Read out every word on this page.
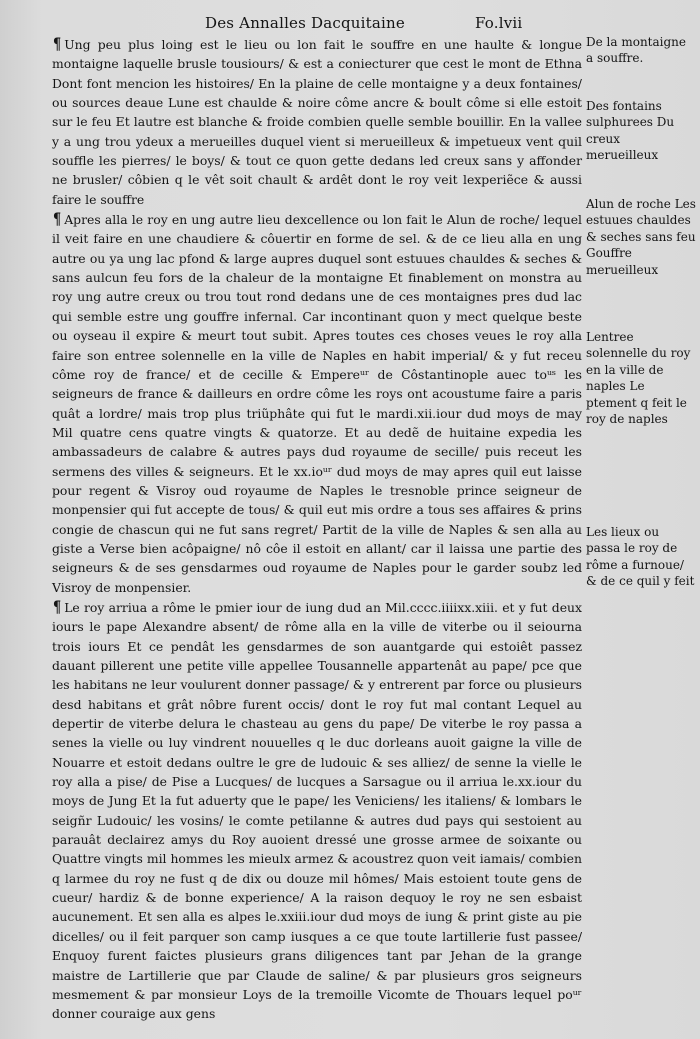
Des Annalles Dacquitaine	Fo.lvii

¶ Ung peu plus loing est le lieu ou lon fait le souffre en une haulte & longue montaigne laquelle brusle tousiours/ & est a coniecturer que cest le mont de Ethna Dont font mencion les histoires/ En la plaine de celle montaigne y a deux fontaines/ ou sources deaue Lune est chaulde & noire côme ancre & boult côme si elle estoit sur le feu Et lautre est blanche & froide combien quelle semble bouillir. En la vallee y a ung trou ydeux a merueilles duquel vient si merueilleux & impetueux vent quil souffle les pierres/ le boys/ & tout ce quon gette dedans led creux sans y affonder ne brusler/ côbien q le vêt soit chault & ardêt dont le roy veit lexperiẽce & aussi faire le souffre

¶ Apres alla le roy en ung autre lieu dexcellence ou lon fait le Alun de roche/ lequel il veit faire en une chaudiere & côuertir en forme de sel. & de ce lieu alla en ung autre ou ya ung lac pfond & large aupres duquel sont estuues chauldes & seches & sans aulcun feu fors de la chaleur de la montaigne Et finablement on monstra au roy ung autre creux ou trou tout rond dedans une de ces montaignes pres dud lac qui semble estre ung gouffre infernal. Car incontinant quon y mect quelque beste ou oyseau il expire & meurt tout subit. Apres toutes ces choses veues le roy alla faire son entree solennelle en la ville de Naples en habit imperial/ & y fut receu côme roy de france/ et de cecille & Empereᵘʳ de Côstantinople auec toᵘˢ les seigneurs de france & dailleurs en ordre côme les roys ont acoustume faire a paris quât a lordre/ mais trop plus triũphâte qui fut le mardi.xii.iour dud moys de may Mil quatre cens quatre vingts & quatorze. Et au dedẽ de huitaine expedia les ambassadeurs de calabre & autres pays dud royaume de secille/ puis receut les sermens des villes & seigneurs. Et le xx.ioᵘʳ dud moys de may apres quil eut laisse pour regent & Visroy oud royaume de Naples le tresnoble prince seigneur de monpensier qui fut accepte de tous/ & quil eut mis ordre a tous ses affaires & prins congie de chascun qui ne fut sans regret/ Partit de la ville de Naples & sen alla au giste a Verse bien acôpaigne/ nô côe il estoit en allant/ car il laissa une partie des seigneurs & de ses gensdarmes oud royaume de Naples pour le garder soubz led Visroy de monpensier.

¶ Le roy arriua a rôme le pmier iour de iung dud an Mil.cccc.iiiixx.xiii. et y fut deux iours le pape Alexandre absent/ de rôme alla en la ville de viterbe ou il seiourna trois iours Et ce pendât les gensdarmes de son auantgarde qui estoiêt passez dauant pillerent une petite ville appellee Tousannelle appartenât au pape/ pce que les habitans ne leur voulurent donner passage/ & y entrerent par force ou plusieurs desd habitans et grât nôbre furent occis/ dont le roy fut mal contant Lequel au depertir de viterbe delura le chasteau au gens du pape/ De viterbe le roy passa a senes la vielle ou luy vindrent nouuelles q le duc dorleans auoit gaigne la ville de Nouarre et estoit dedans oultre le gre de ludouic & ses alliez/ de senne la vielle le roy alla a pise/ de Pise a Lucques/ de lucques a Sarsague ou il arriua le.xx.iour du moys de Jung Et la fut aduerty que le pape/ les Veniciens/ les italiens/ & lombars le seigñr Ludouic/ les vosins/ le comte petilanne & autres dud pays qui sestoient au parauât declairez amys du Roy auoient dressé une grosse armee de soixante ou Quattre vingts mil hommes les mieulx armez & acoustrez quon veit iamais/ combien q larmee du roy ne fust q de dix ou douze mil hômes/ Mais estoient toute gens de cueur/ hardiz & de bonne experience/ A la raison dequoy le roy ne sen esbaist aucunement. Et sen alla es alpes le.xxiii.iour dud moys de iung & print giste au pie dicelles/ ou il feit parquer son camp iusques a ce que toute lartillerie fust passee/ Enquoy furent faictes plusieurs grans diligences tant par Jehan de la grange maistre de Lartillerie que par Claude de saline/ & par plusieurs gros seigneurs mesmement & par monsieur Loys de la tremoille Vicomte de Thouars lequel poᵘʳ donner couraige aux gens

De la montaigne a souffre.
Des fontains sulphurees Du creux merueilleux
Alun de roche Les estuues chauldes & seches sans feu Gouffre merueilleux
Lentree solennelle du roy en la ville de naples Le ptement q feit le roy de naples
Les lieux ou passa le roy de rôme a furnoue/ & de ce quil y feit
